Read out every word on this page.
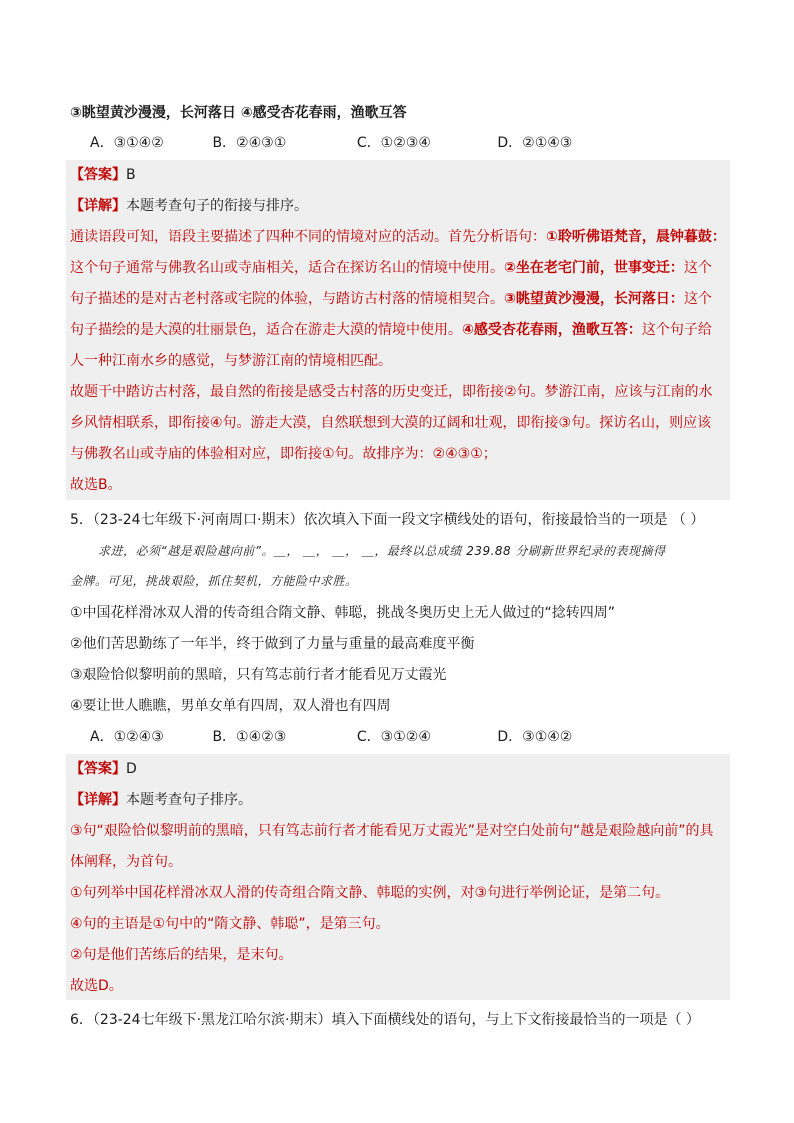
③眺望黄沙漫漫，长河落日 ④感受杏花春雨，渔歌互答
A．③①④②	B．②④③①	C．①②③④	D．②①④③
【答案】B
【详解】本题考查句子的衔接与排序。
通读语段可知，语段主要描述了四种不同的情境对应的活动。首先分析语句：①聆听佛语梵音，晨钟暮鼓：
这个句子通常与佛教名山或寺庙相关，适合在探访名山的情境中使用。②坐在老宅门前，世事变迁：这个
句子描述的是对古老村落或宅院的体验，与踏访古村落的情境相契合。③眺望黄沙漫漫，长河落日：这个
句子描绘的是大漠的壮丽景色，适合在游走大漠的情境中使用。④感受杏花春雨，渔歌互答：这个句子给
人一种江南水乡的感觉，与梦游江南的情境相匹配。
故题干中踏访古村落，最自然的衔接是感受古村落的历史变迁，即衔接②句。梦游江南，应该与江南的水
乡风情相联系，即衔接④句。游走大漠，自然联想到大漠的辽阔和壮观，即衔接③句。探访名山，则应该
与佛教名山或寺庙的体验相对应，即衔接①句。故排序为：②④③①；
故选B。
5．（23-24七年级下·河南周口·期末）依次填入下面一段文字横线处的语句，衔接最恰当的一项是 （ ）
求进，必须“越是艰险越向前”。＿， ＿， ＿， ＿，最终以总成绩 239.88 分刷新世界纪录的表现摘得
金牌。可见，挑战艰险，抓住契机，方能险中求胜。
①中国花样滑冰双人滑的传奇组合隋文静、韩聪，挑战冬奥历史上无人做过的“捻转四周”
②他们苦思勤练了一年半，终于做到了力量与重量的最高难度平衡
③艰险恰似黎明前的黑暗，只有笃志前行者才能看见万丈霞光
④要让世人瞧瞧，男单女单有四周，双人滑也有四周
A．①②④③	B．①④②③	C．③①②④	D．③①④②
【答案】D
【详解】本题考查句子排序。
③句“艰险恰似黎明前的黑暗，只有笃志前行者才能看见万丈霞光”是对空白处前句“越是艰险越向前”的具
体阐释，为首句。
①句列举中国花样滑冰双人滑的传奇组合隋文静、韩聪的实例，对③句进行举例论证，是第二句。
④句的主语是①句中的“隋文静、韩聪”，是第三句。
②句是他们苦练后的结果，是末句。
故选D。
6．（23-24七年级下·黑龙江哈尔滨·期末）填入下面横线处的语句，与上下文衔接最恰当的一项是（ ）
